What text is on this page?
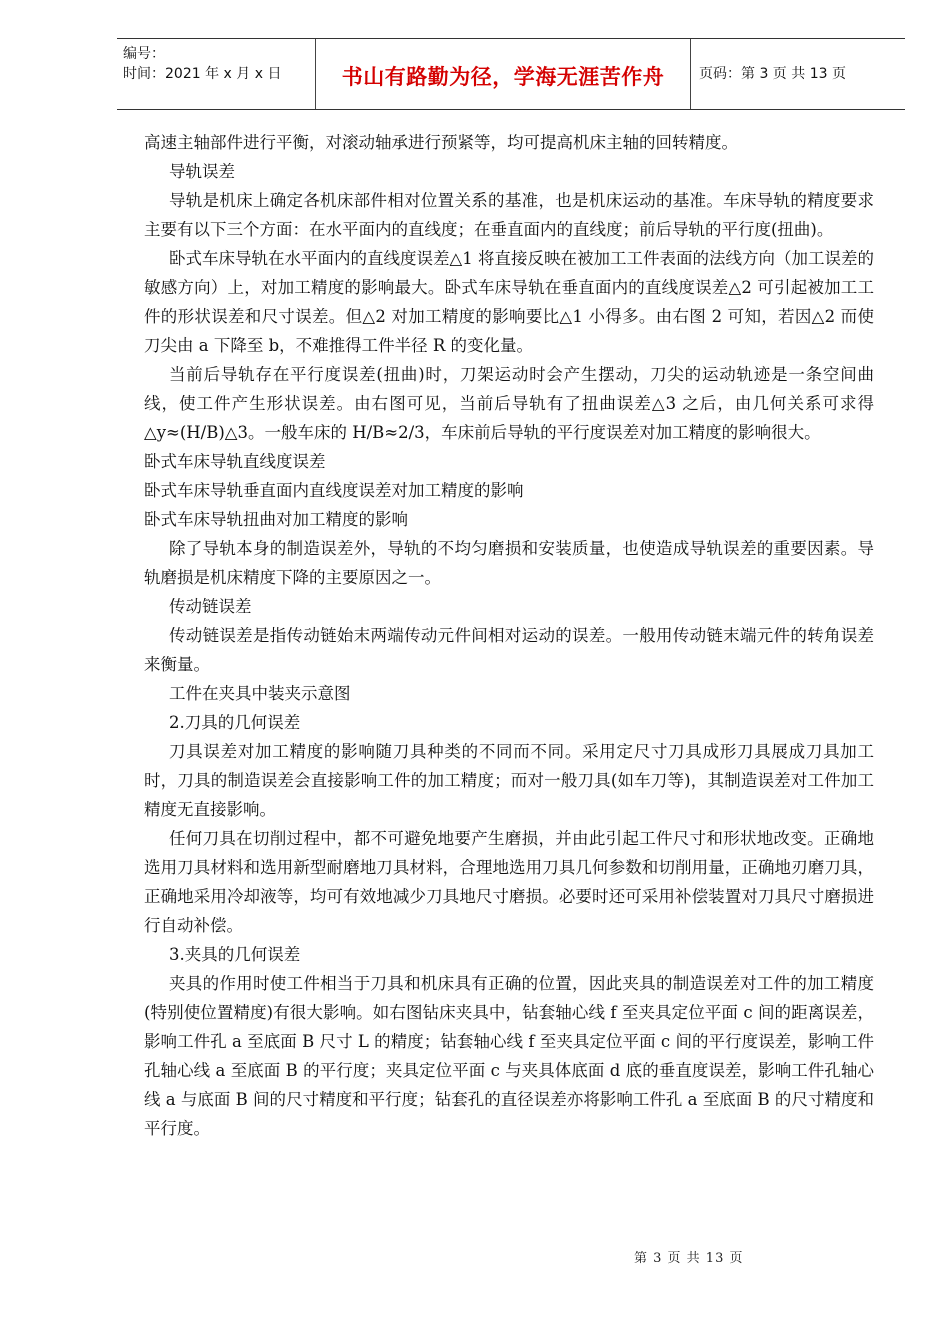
编号：
时间：2021 年 x 月 x 日	书山有路勤为径，学海无涯苦作舟	页码：第 3 页 共 13 页

高速主轴部件进行平衡，对滚动轴承进行预紧等，均可提高机床主轴的回转精度。

导轨误差

导轨是机床上确定各机床部件相对位置关系的基准，也是机床运动的基准。车床导轨的精度要求主要有以下三个方面：在水平面内的直线度；在垂直面内的直线度；前后导轨的平行度(扭曲)。

卧式车床导轨在水平面内的直线度误差△1 将直接反映在被加工工件表面的法线方向（加工误差的敏感方向）上，对加工精度的影响最大。卧式车床导轨在垂直面内的直线度误差△2 可引起被加工工件的形状误差和尺寸误差。但△2 对加工精度的影响要比△1 小得多。由右图 2 可知，若因△2 而使刀尖由 a 下降至 b，不难推得工件半径 R 的变化量。

当前后导轨存在平行度误差(扭曲)时，刀架运动时会产生摆动，刀尖的运动轨迹是一条空间曲线，使工件产生形状误差。由右图可见，当前后导轨有了扭曲误差△3 之后，由几何关系可求得△y≈(H/B)△3。一般车床的 H/B≈2/3，车床前后导轨的平行度误差对加工精度的影响很大。

卧式车床导轨直线度误差

卧式车床导轨垂直面内直线度误差对加工精度的影响

卧式车床导轨扭曲对加工精度的影响

除了导轨本身的制造误差外，导轨的不均匀磨损和安装质量，也使造成导轨误差的重要因素。导轨磨损是机床精度下降的主要原因之一。

传动链误差

传动链误差是指传动链始末两端传动元件间相对运动的误差。一般用传动链末端元件的转角误差来衡量。

工件在夹具中装夹示意图

2.刀具的几何误差

刀具误差对加工精度的影响随刀具种类的不同而不同。采用定尺寸刀具成形刀具展成刀具加工时，刀具的制造误差会直接影响工件的加工精度；而对一般刀具(如车刀等)，其制造误差对工件加工精度无直接影响。

任何刀具在切削过程中，都不可避免地要产生磨损，并由此引起工件尺寸和形状地改变。正确地选用刀具材料和选用新型耐磨地刀具材料，合理地选用刀具几何参数和切削用量，正确地刃磨刀具，正确地采用冷却液等，均可有效地减少刀具地尺寸磨损。必要时还可采用补偿装置对刀具尺寸磨损进行自动补偿。

3.夹具的几何误差

夹具的作用时使工件相当于刀具和机床具有正确的位置，因此夹具的制造误差对工件的加工精度(特别使位置精度)有很大影响。如右图钻床夹具中，钻套轴心线 f 至夹具定位平面 c 间的距离误差，影响工件孔 a 至底面 B 尺寸 L 的精度；钻套轴心线 f 至夹具定位平面 c 间的平行度误差，影响工件孔轴心线 a 至底面 B 的平行度；夹具定位平面 c 与夹具体底面 d 底的垂直度误差，影响工件孔轴心线 a 与底面 B 间的尺寸精度和平行度；钻套孔的直径误差亦将影响工件孔 a 至底面 B 的尺寸精度和平行度。

第 3 页 共 13 页
